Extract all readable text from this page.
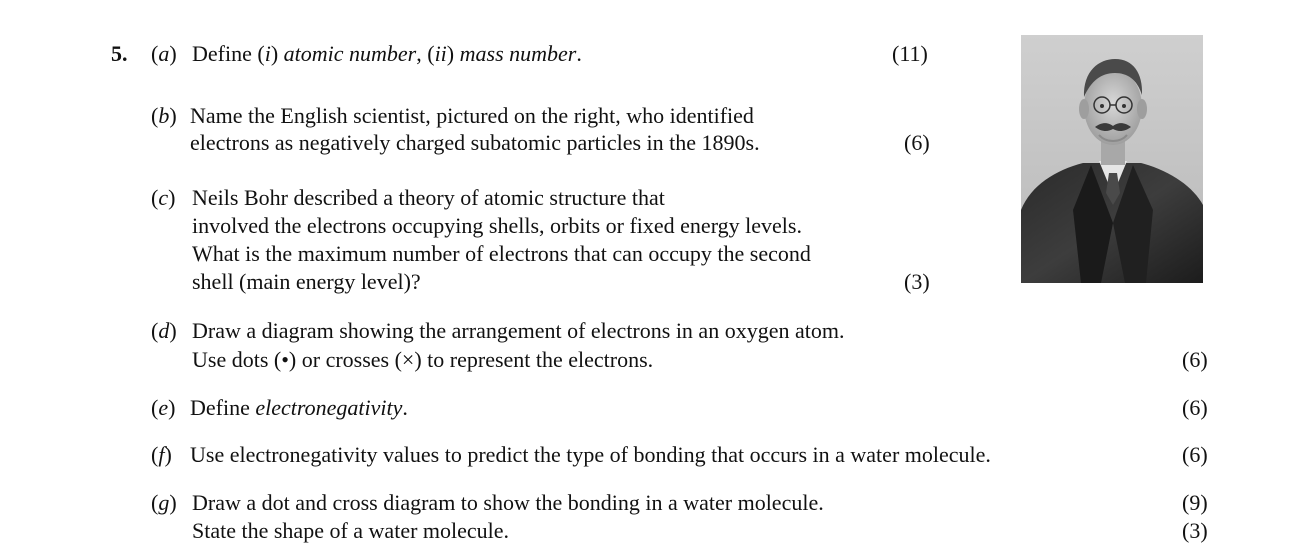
5. (a) Define (i) atomic number, (ii) mass number.	(11)
(b) Name the English scientist, pictured on the right, who identified
electrons as negatively charged subatomic particles in the 1890s.	(6)
(c) Neils Bohr described a theory of atomic structure that
involved the electrons occupying shells, orbits or fixed energy levels.
What is the maximum number of electrons that can occupy the second
shell (main energy level)?	(3)
(d) Draw a diagram showing the arrangement of electrons in an oxygen atom.
Use dots (•) or crosses (×) to represent the electrons.	(6)
(e) Define electronegativity.	(6)
(f) Use electronegativity values to predict the type of bonding that occurs in a water molecule.	(6)
(g) Draw a dot and cross diagram to show the bonding in a water molecule.
State the shape of a water molecule.
(9)
(3)
